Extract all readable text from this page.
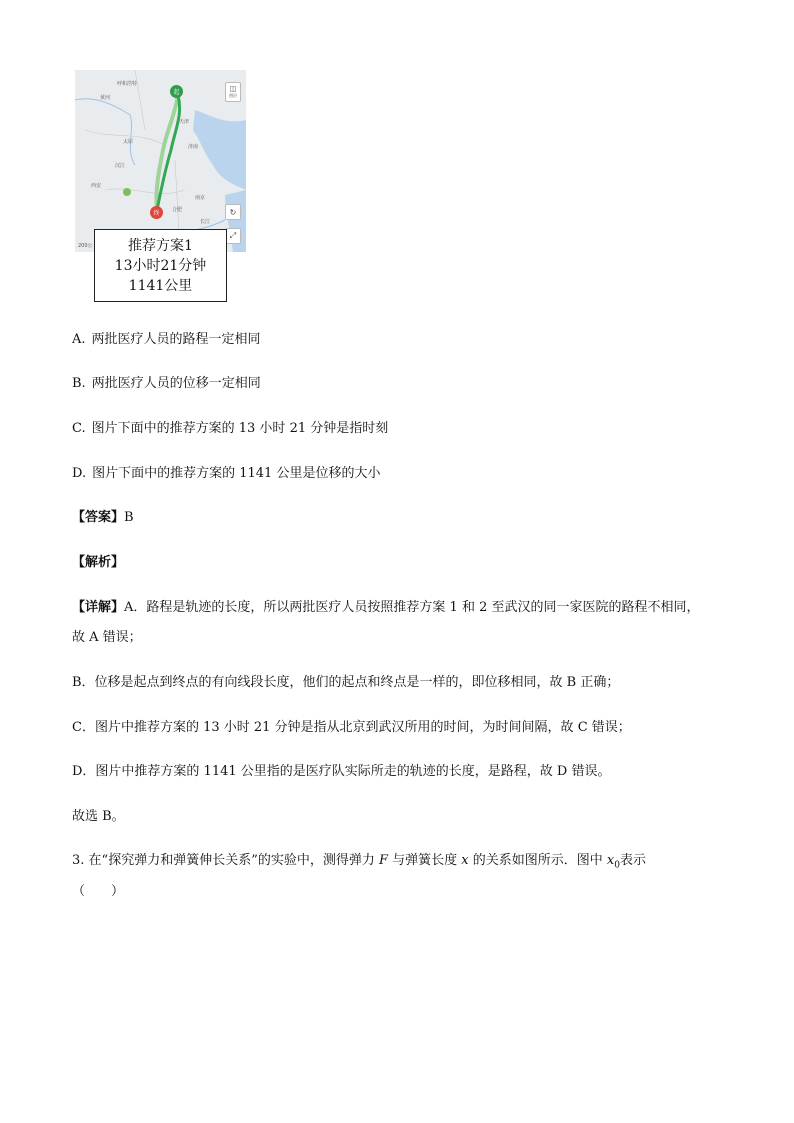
呼和浩特
黄河
天津
太原
济南
西安
汉江
南京
合肥
长江
起
终
◫
图层
↻
⤢
200公	推荐方案1
13小时21分钟
1141公里
A. 两批医疗人员的路程一定相同
B. 两批医疗人员的位移一定相同
C. 图片下面中的推荐方案的 13 小时 21 分钟是指时刻
D. 图片下面中的推荐方案的 1141 公里是位移的大小
【答案】B
【解析】
【详解】A．路程是轨迹的长度，所以两批医疗人员按照推荐方案 1 和 2 至武汉的同一家医院的路程不相同，
故 A 错误；
B．位移是起点到终点的有向线段长度，他们的起点和终点是一样的，即位移相同，故 B 正确；
C．图片中推荐方案的 13 小时 21 分钟是指从北京到武汉所用的时间，为时间间隔，故 C 错误；
D．图片中推荐方案的 1141 公里指的是医疗队实际所走的轨迹的长度，是路程，故 D 错误。
故选 B。
3. 在“探究弹力和弹簧伸长关系”的实验中，测得弹力 F 与弹簧长度 x 的关系如图所示．图中 $x_0$表示
（　　）
